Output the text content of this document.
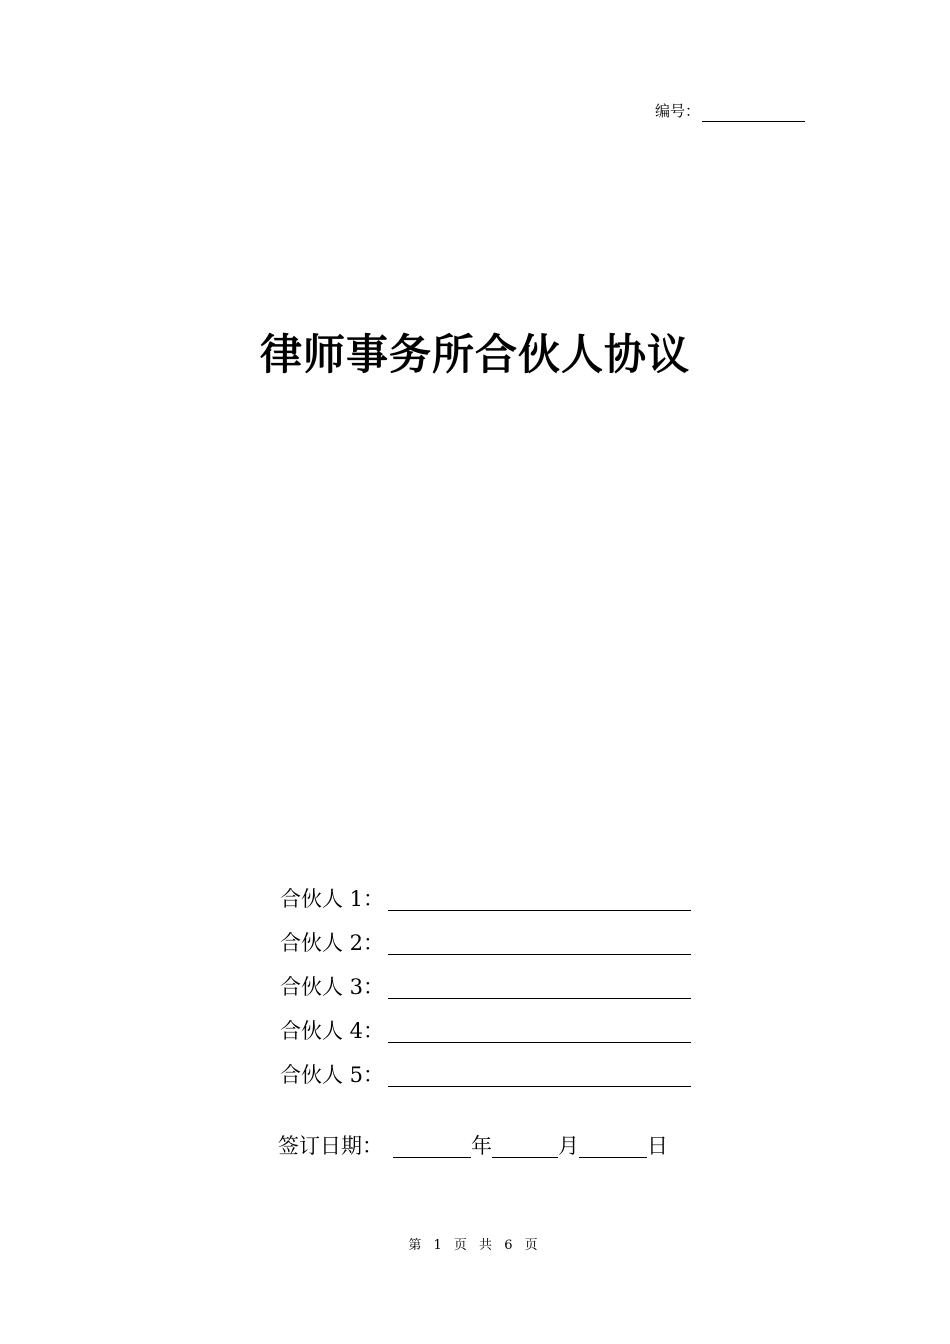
编号：
律师事务所合伙人协议
合伙人 1：
合伙人 2：
合伙人 3：
合伙人 4：
合伙人 5：
签订日期：	年	月	日
第 1 页 共 6 页
